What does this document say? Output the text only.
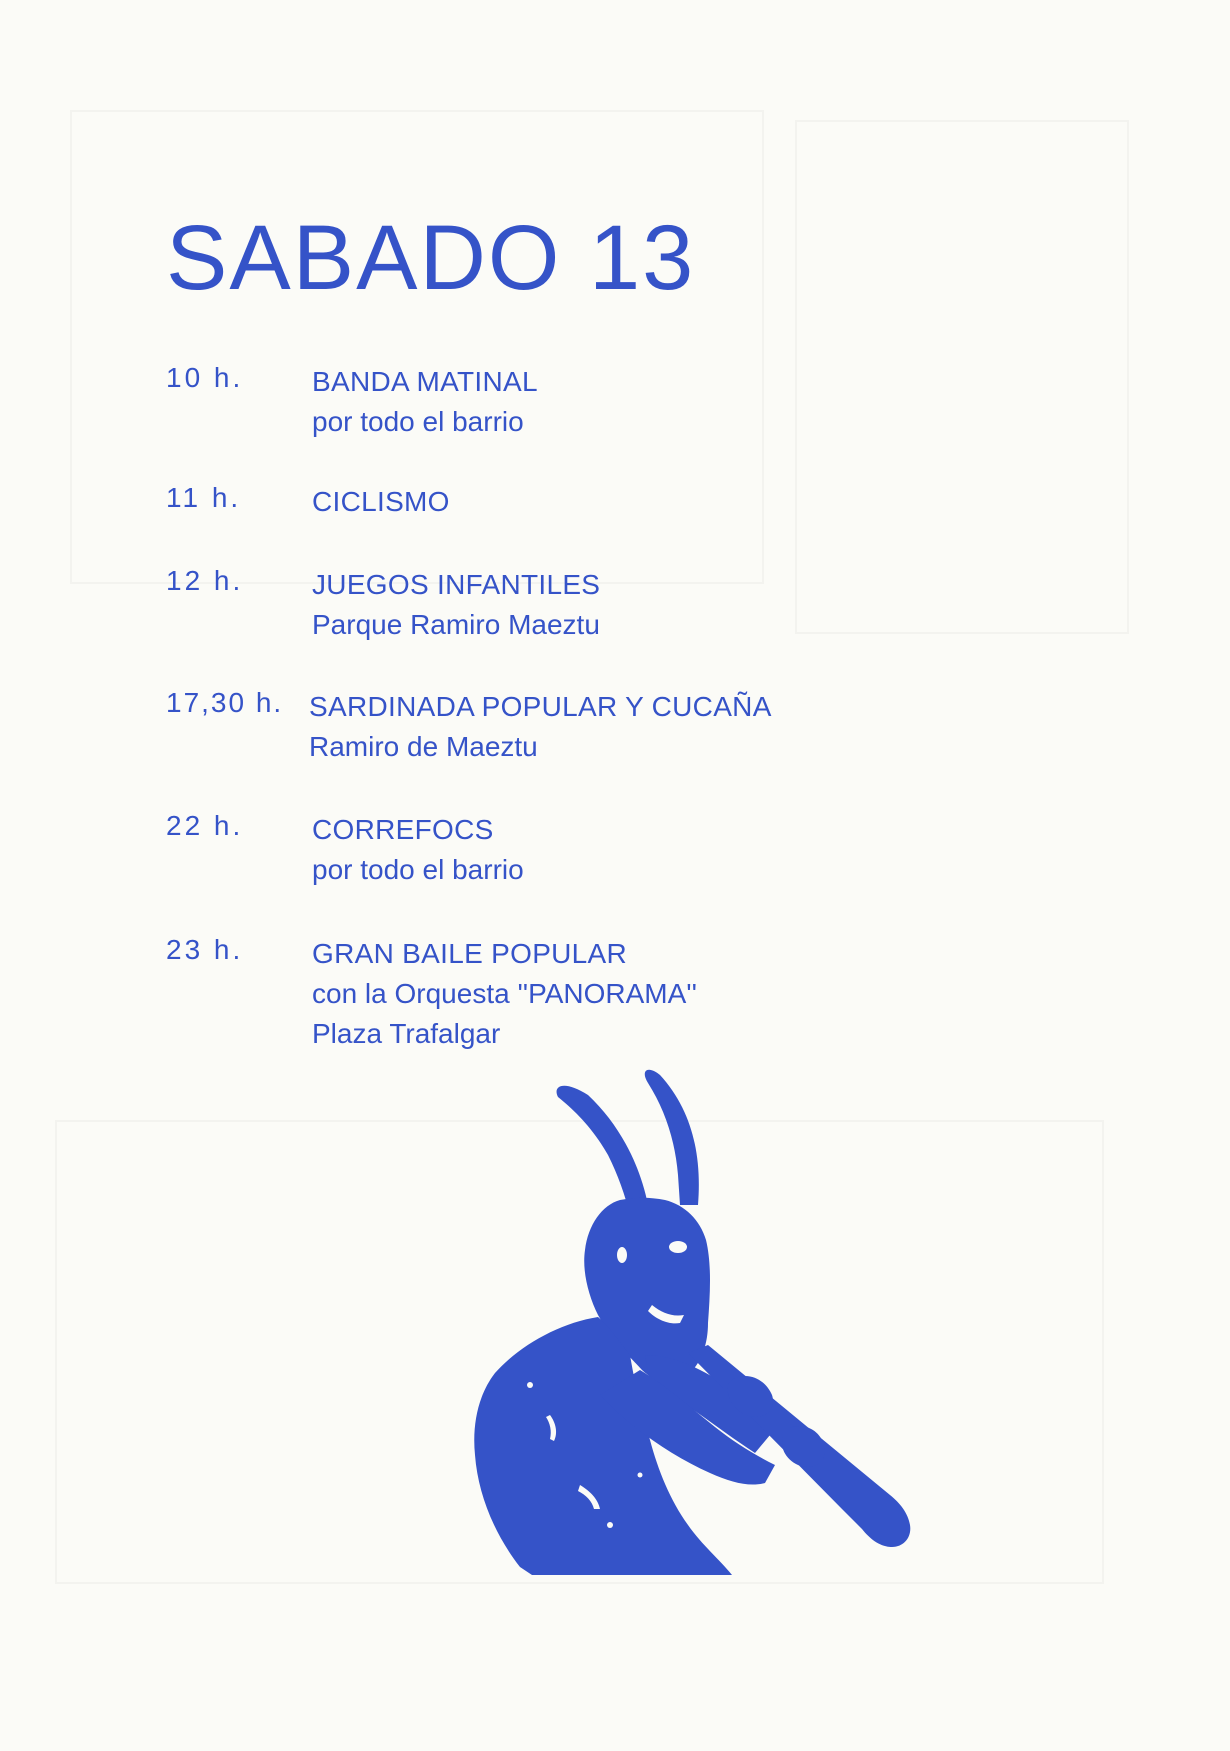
SABADO 13
10 h. BANDA MATINAL
por todo el barrio
11 h.	CICLISMO
12 h. JUEGOS INFANTILES
Parque Ramiro Maeztu
17,30 h. SARDINADA POPULAR Y CUCAÑA
Ramiro de Maeztu
22 h. CORREFOCS
por todo el barrio
23 h. GRAN BAILE POPULAR
con la Orquesta ''PANORAMA''
Plaza Trafalgar
